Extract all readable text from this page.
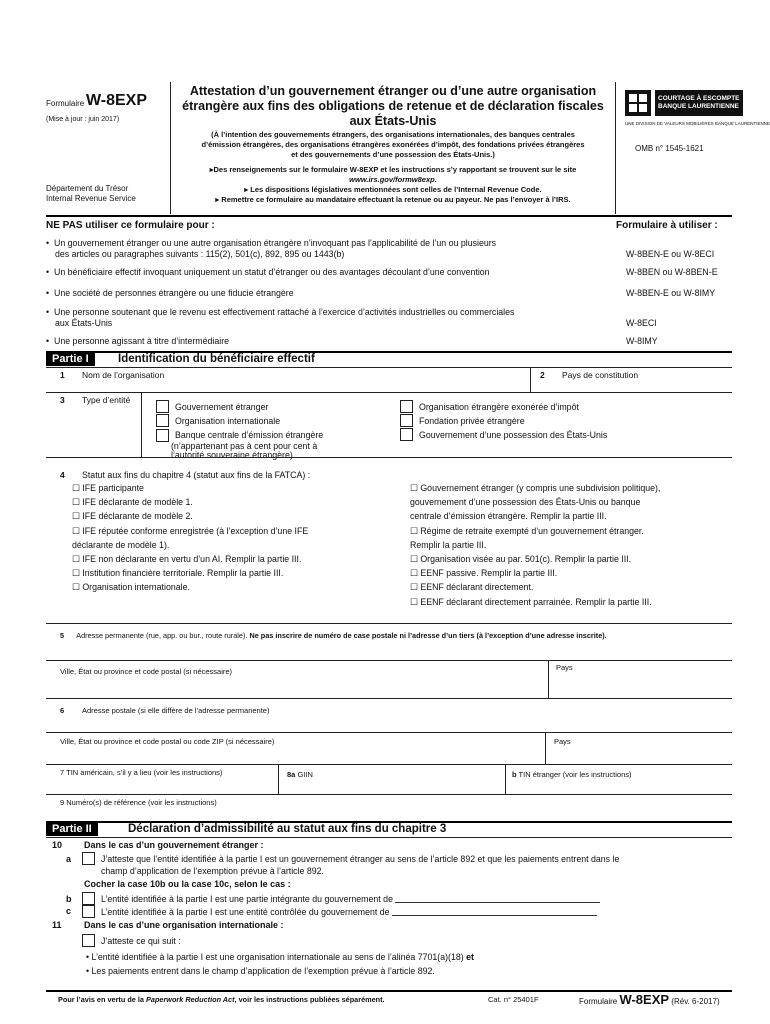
Formulaire W-8EXP
(Mise à jour : juin 2017)
Département du Trésor
Internal Revenue Service
Attestation d’un gouvernement étranger ou d’une autre organisation
étrangère aux fins des obligations de retenue et de déclaration fiscales
aux États-Unis
(À l’intention des gouvernements étrangers, des organisations internationales, des banques centrales
d’émission étrangères, des organisations étrangères exonérées d’impôt, des fondations privées étrangères
et des gouvernements d’une possession des États-Unis.)
▸Des renseignements sur le formulaire W-8EXP et les instructions s’y rapportant se trouvent sur le site
www.irs.gov/formw8exp.
▸ Les dispositions législatives mentionnées sont celles de l’Internal Revenue Code.
▸ Remettre ce formulaire au mandataire effectuant la retenue ou au payeur. Ne pas l’envoyer à l’IRS.
COURTAGE À ESCOMPTE
BANQUE LAURENTIENNE
UNE DIVISION DE VALEURS MOBILIÈRES BANQUE LAURENTIENNE
OMB n° 1545-1621
NE PAS utiliser ce formulaire pour :	Formulaire à utiliser :
•  Un gouvernement étranger ou une autre organisation étrangère n’invoquant pas l’applicabilité de l’un ou plusieurs
des articles ou paragraphes suivants : 115(2), 501(c), 892, 895 ou 1443(b)	W-8BEN-E ou W-8ECI
•  Un bénéficiaire effectif invoquant uniquement un statut d’étranger ou des avantages découlant d’une convention	W-8BEN ou W-8BEN-E
•  Une société de personnes étrangère ou une fiducie étrangère	W-8BEN-E ou W-8IMY
•  Une personne soutenant que le revenu est effectivement rattaché à l’exercice d’activités industrielles ou commerciales
aux États-Unis	W-8ECI
•  Une personne agissant à titre d’intermédiaire	W-8IMY
Partie I	Identification du bénéficiaire effectif
1 Nom de l’organisation	2 Pays de constitution
3 Type d’entité
Gouvernement étranger
Organisation internationale
Banque centrale d’émission étrangère
(n’appartenant pas à cent pour cent à
l’autorité souveraine étrangère)
Organisation étrangère exonérée d’impôt
Fondation privée étrangère
Gouvernement d’une possession des États-Unis
4 Statut aux fins du chapitre 4 (statut aux fins de la FATCA) :
☐ IFE participante
☐ IFE déclarante de modèle 1.
☐ IFE déclarante de modèle 2.
☐ IFE réputée conforme enregistrée (à l’exception d’une IFE
déclarante de modèle 1).
☐ IFE non déclarante en vertu d’un AI. Remplir la partie III.
☐ Institution financière territoriale. Remplir la partie III.
☐ Organisation internationale.
☐ Gouvernement étranger (y compris une subdivision politique),
gouvernement d’une possession des États-Unis ou banque
centrale d’émission étrangère. Remplir la partie III.
☐ Régime de retraite exempté d’un gouvernement étranger.
Remplir la partie III.
☐ Organisation visée au par. 501(c). Remplir la partie III.
☐ EENF passive. Remplir la partie III.
☐ EENF déclarant directement.
☐ EENF déclarant directement parrainée. Remplir la partie III.
5 Adresse permanente (rue, app. ou bur., route rurale). Ne pas inscrire de numéro de case postale ni l’adresse d’un tiers (à l’exception d’une adresse inscrite).
Ville, État ou province et code postal (si nécessaire)	Pays
6 Adresse postale (si elle diffère de l’adresse permanente)
Ville, État ou province et code postal ou code ZIP (si nécessaire)	Pays
7 TIN américain, s’il y a lieu (voir les instructions)	8a GIIN	b TIN étranger (voir les instructions)
9 Numéro(s) de référence (voir les instructions)
Partie II	Déclaration d’admissibilité au statut aux fins du chapitre 3
10 Dans le cas d’un gouvernement étranger :
a	J’atteste que l’entité identifiée à la partie I est un gouvernement étranger au sens de l’article 892 et que les paiements entrent dans le
champ d’application de l’exemption prévue à l’article 892.
Cocher la case 10b ou la case 10c, selon le cas :
b	L’entité identifiée à la partie I est une partie intégrante du gouvernement de
c	L’entité identifiée à la partie I est une entité contrôlée du gouvernement de
11 Dans le cas d’une organisation internationale :
J’atteste ce qui suit :
• L’entité identifiée à la partie I est une organisation internationale au sens de l’alinéa 7701(a)(18) et
• Les paiements entrent dans le champ d’application de l’exemption prévue à l’article 892.
Pour l’avis en vertu de la Paperwork Reduction Act, voir les instructions publiées séparément.	Cat. n° 25401F	Formulaire W-8EXP (Rév. 6-2017)
